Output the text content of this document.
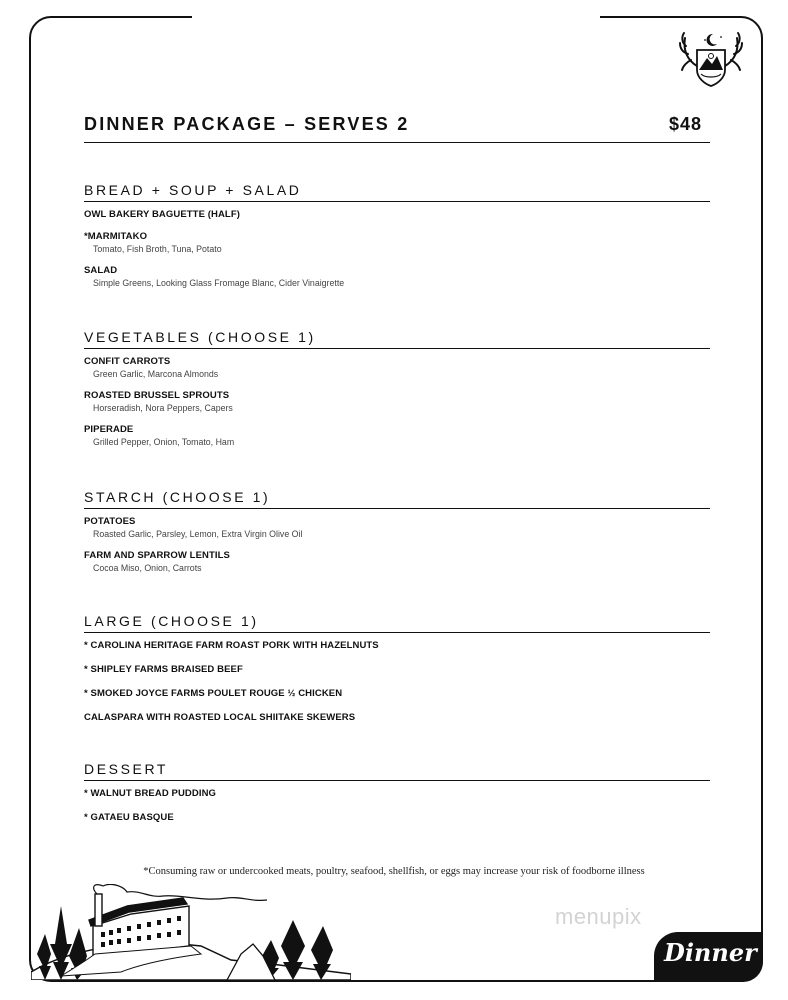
DINNER PACKAGE – SERVES 2	$48
BREAD + SOUP + SALAD
OWL BAKERY BAGUETTE (HALF)
*MARMITAKO
Tomato, Fish Broth, Tuna, Potato
SALAD
Simple Greens, Looking Glass Fromage Blanc, Cider Vinaigrette
VEGETABLES (CHOOSE 1)
CONFIT CARROTS
Green Garlic, Marcona Almonds
ROASTED BRUSSEL SPROUTS
Horseradish, Nora Peppers, Capers
PIPERADE
Grilled Pepper, Onion, Tomato, Ham
STARCH (CHOOSE 1)
POTATOES
Roasted Garlic, Parsley, Lemon, Extra Virgin Olive Oil
FARM AND SPARROW LENTILS
Cocoa Miso, Onion, Carrots
LARGE (CHOOSE 1)
* CAROLINA HERITAGE FARM ROAST PORK WITH HAZELNUTS
* SHIPLEY FARMS BRAISED BEEF
* SMOKED JOYCE FARMS POULET ROUGE ½ CHICKEN
CALASPARA WITH ROASTED LOCAL SHIITAKE SKEWERS
DESSERT
* WALNUT BREAD PUDDING
* GATAEU BASQUE
*Consuming raw or undercooked meats, poultry, seafood, shellfish, or eggs may increase your risk of foodborne illness
menupix
Dinner
